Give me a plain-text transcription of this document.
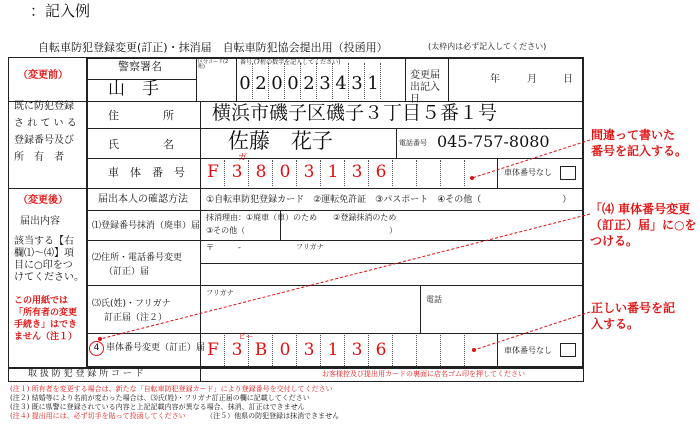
：記入例
自転車防犯登録変更(訂正)・抹消届　自転車防犯協会提出用（投函用）	(太枠内は必ず記入してください)
警察署名
山　手
区分コード(2桁)
番号 (7桁の数字を記入してください)
0 2 0 0 2 3 4 3 1	変更届出記入日
年	月	日
（変更前）
既に防犯登録
さ れ て い る
登録番号及び
所　有　者
住　　　　所 横浜市磯子区磯子３丁目５番１号
氏　　　　名	佐藤　花子	電話番号 045-757-8080
車　体　番　号 F 3 8 0 3 1 3 6
ガ
車体番号なし
（変更後）
届出内容
該当する【右
欄⑴〜⑷】項
目に○印をつ
けてください。
この用紙では
「所有者の変更
手続き」はでき
ません（注１）
届出本人の確認方法 ①自転車防犯登録カード　②運転免許証　③パスポート　④その他（　　　　　　　　　）
⑴登録番号抹消（廃車）届
抹消理由：①廃車（車）のため　　②登録抹消のため
③その他（　　　　　　　　　　　　　　　　　　）
⑵住所・電話番号変更
（訂正）届
〒　　　-	フリガナ
⑶氏(姓)・フリガナ
訂正届（注２）
フリガナ
電話
4 車体番号変更（訂正）届 F 3 B 0 3 1 3 6
ビー
車体番号なし
取 扱 防 犯 登 録 所 コ ー ド	お客様控及び提出用カードの裏面に店名ゴム印を押してください
(注１) 所有者を変更する場合は、新たな「自転車防犯登録カード」により登録番号を交付してください
(注２) 結婚等により名前が変わった場合は、⑶氏(姓)・フリガナ訂正届の欄に記載してください
(注３) 既に県警に登録されている内容と上記記載内容が異なる場合、抹消、訂正はできません
(注４) 提出用には、必ず切手を貼って投函してください	（注５）他県の防犯登録は抹消できません
間違って書いた
番号を記入する。
「⑷ 車体番号変更
（訂正）届」に○を
つける。
正しい番号を記
入する。
